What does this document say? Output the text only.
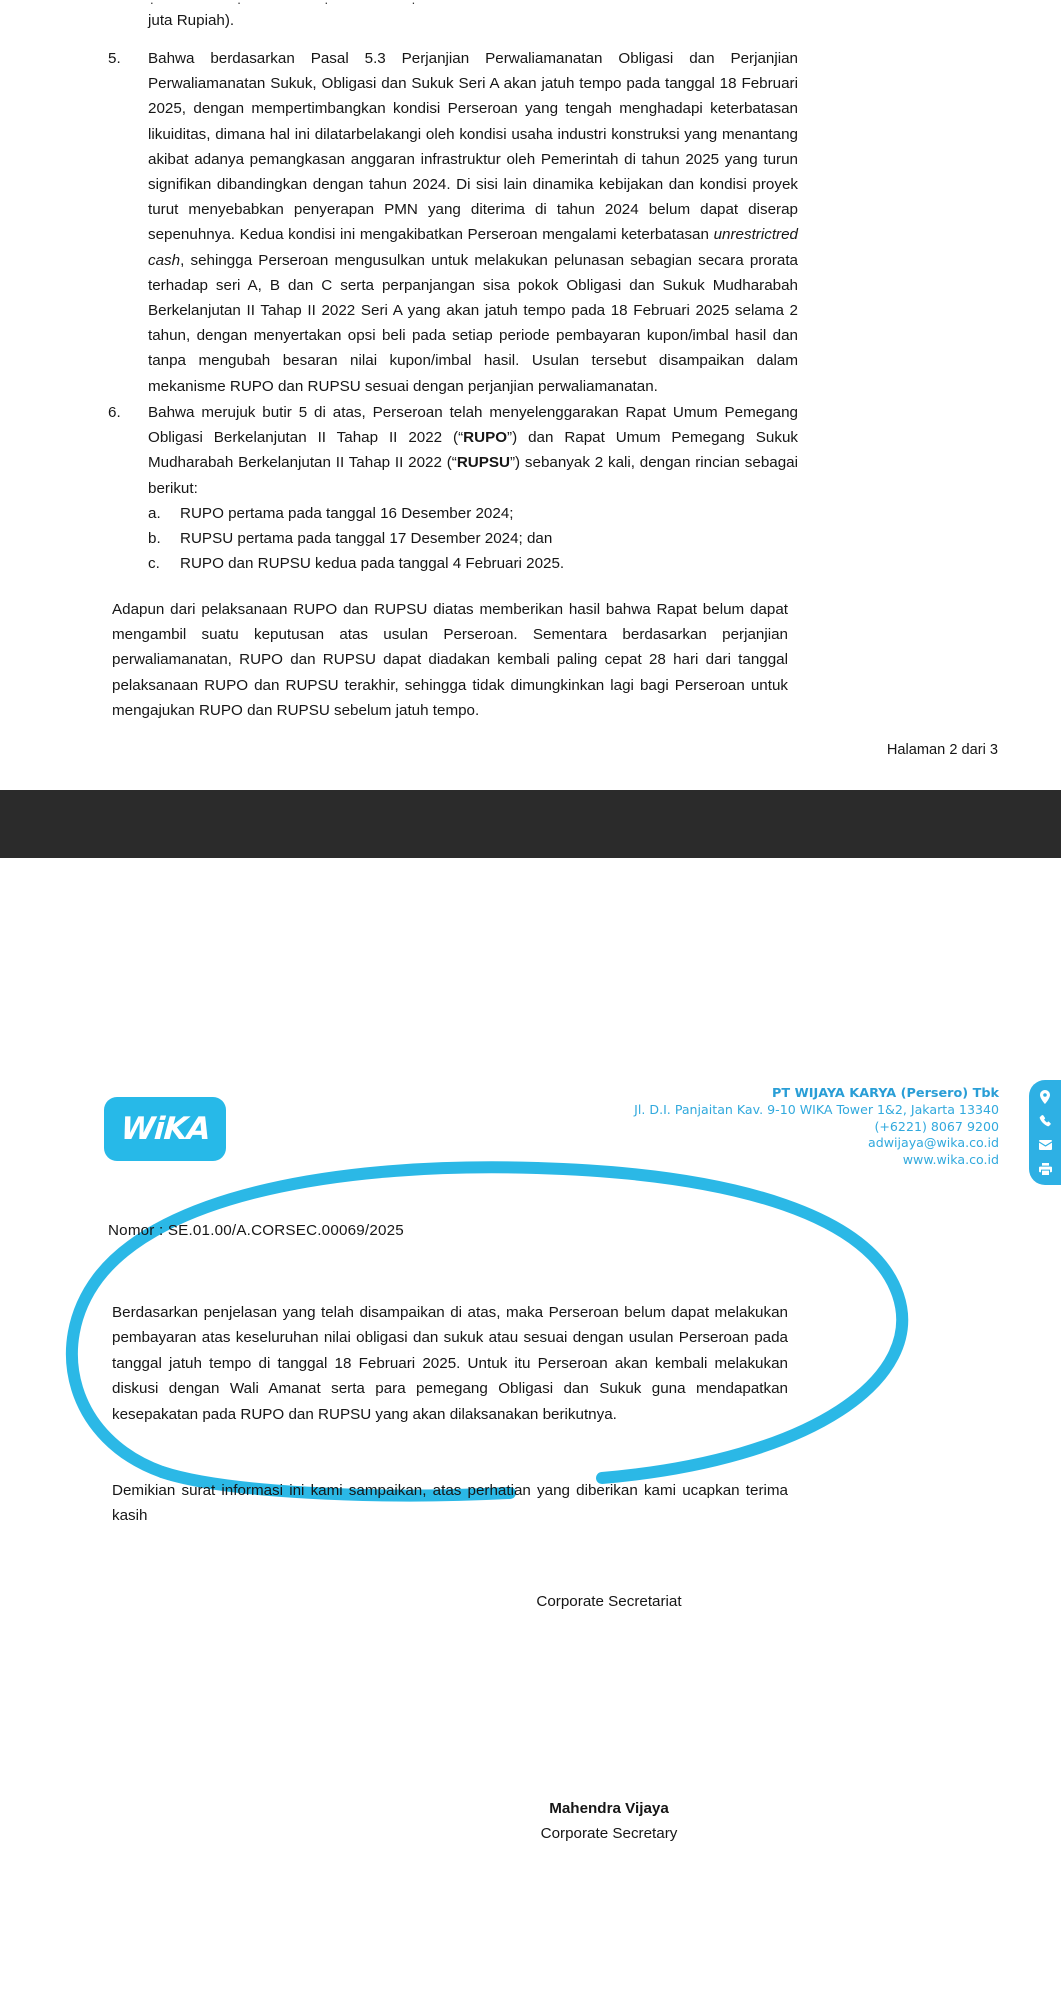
juta Rupiah).
5.	Bahwa berdasarkan Pasal 5.3 Perjanjian Perwaliamanatan Obligasi dan Perjanjian Perwaliamanatan Sukuk, Obligasi dan Sukuk Seri A akan jatuh tempo pada tanggal 18 Februari 2025, dengan mempertimbangkan kondisi Perseroan yang tengah menghadapi keterbatasan likuiditas, dimana hal ini dilatarbelakangi oleh kondisi usaha industri konstruksi yang menantang akibat adanya pemangkasan anggaran infrastruktur oleh Pemerintah di tahun 2025 yang turun signifikan dibandingkan dengan tahun 2024. Di sisi lain dinamika kebijakan dan kondisi proyek turut menyebabkan penyerapan PMN yang diterima di tahun 2024 belum dapat diserap sepenuhnya. Kedua kondisi ini mengakibatkan Perseroan mengalami keterbatasan unrestrictred cash, sehingga Perseroan mengusulkan untuk melakukan pelunasan sebagian secara prorata terhadap seri A, B dan C serta perpanjangan sisa pokok Obligasi dan Sukuk Mudharabah Berkelanjutan II Tahap II 2022 Seri A yang akan jatuh tempo pada 18 Februari 2025 selama 2 tahun, dengan menyertakan opsi beli pada setiap periode pembayaran kupon/imbal hasil dan tanpa mengubah besaran nilai kupon/imbal hasil. Usulan tersebut disampaikan dalam mekanisme RUPO dan RUPSU sesuai dengan perjanjian perwaliamanatan.

6.	Bahwa merujuk butir 5 di atas, Perseroan telah menyelenggarakan Rapat Umum Pemegang Obligasi Berkelanjutan II Tahap II 2022 (“RUPO”) dan Rapat Umum Pemegang Sukuk Mudharabah Berkelanjutan II Tahap II 2022 (“RUPSU”) sebanyak 2 kali, dengan rincian sebagai berikut:

a.	RUPO pertama pada tanggal 16 Desember 2024;
b.	RUPSU pertama pada tanggal 17 Desember 2024; dan
c.	RUPO dan RUPSU kedua pada tanggal 4 Februari 2025.

Adapun dari pelaksanaan RUPO dan RUPSU diatas memberikan hasil bahwa Rapat belum dapat mengambil suatu keputusan atas usulan Perseroan. Sementara berdasarkan perjanjian perwaliamanatan, RUPO dan RUPSU dapat diadakan kembali paling cepat 28 hari dari tanggal pelaksanaan RUPO dan RUPSU terakhir, sehingga tidak dimungkinkan lagi bagi Perseroan untuk mengajukan RUPO dan RUPSU sebelum jatuh tempo.

Halaman 2 dari 3
WiKA
PT WIJAYA KARYA (Persero) Tbk
Jl. D.I. Panjaitan Kav. 9-10 WIKA Tower 1&2, Jakarta 13340
(+6221) 8067 9200
adwijaya@wika.co.id
www.wika.co.id
Nomor : SE.01.00/A.CORSEC.00069/2025

Berdasarkan penjelasan yang telah disampaikan di atas, maka Perseroan belum dapat melakukan pembayaran atas keseluruhan nilai obligasi dan sukuk atau sesuai dengan usulan Perseroan pada tanggal jatuh tempo di tanggal 18 Februari 2025. Untuk itu Perseroan akan kembali melakukan diskusi dengan Wali Amanat serta para pemegang Obligasi dan Sukuk guna mendapatkan kesepakatan pada RUPO dan RUPSU yang akan dilaksanakan berikutnya.

Demikian surat informasi ini kami sampaikan, atas perhatian yang diberikan kami ucapkan terima kasih

Corporate Secretariat
Mahendra Vijaya
Corporate Secretary
